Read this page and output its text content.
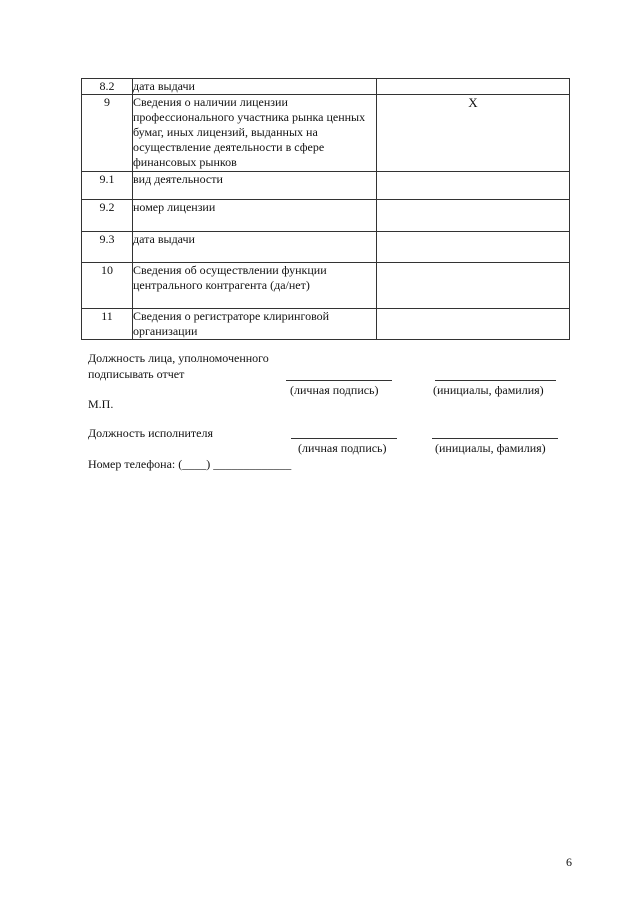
8.2	дата выдачи	
9	Сведения о наличии лицензии профессионального участника рынка ценных бумаг, иных лицензий, выданных на осуществление деятельности в сфере финансовых рынков	X
9.1	вид деятельности	
9.2	номер лицензии	
9.3	дата выдачи	
10	Сведения об осуществлении функции центрального контрагента (да/нет)	
11	Сведения о регистраторе клиринговой организации	
Должность лица, уполномоченного
подписывать отчет
(личная подпись)	(инициалы, фамилия)
М.П.
Должность исполнителя
(личная подпись)	(инициалы, фамилия)
Номер телефона: (____) _____________
6
